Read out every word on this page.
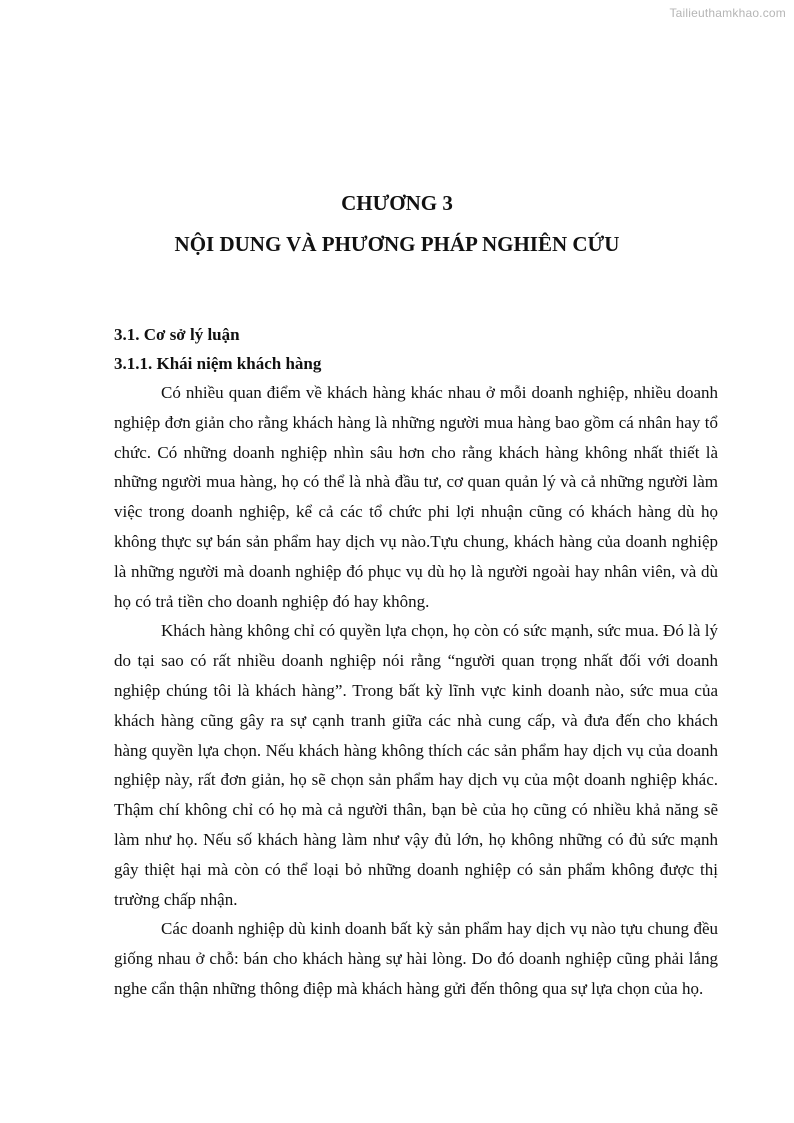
Tailieuthamkhao.com
CHƯƠNG 3
NỘI DUNG VÀ PHƯƠNG PHÁP NGHIÊN CỨU
3.1. Cơ sở lý luận
3.1.1. Khái niệm khách hàng

Có nhiều quan điểm về khách hàng khác nhau ở mỗi doanh nghiệp, nhiều doanh nghiệp đơn giản cho rằng khách hàng là những người mua hàng bao gồm cá nhân hay tổ chức. Có những doanh nghiệp nhìn sâu hơn cho rằng khách hàng không nhất thiết là những người mua hàng, họ có thể là nhà đầu tư, cơ quan quản lý và cả những người làm việc trong doanh nghiệp, kể cả các tổ chức phi lợi nhuận cũng có khách hàng dù họ không thực sự bán sản phẩm hay dịch vụ nào.Tựu chung, khách hàng của doanh nghiệp là những người mà doanh nghiệp đó phục vụ dù họ là người ngoài hay nhân viên, và dù họ có trả tiền cho doanh nghiệp đó hay không.

Khách hàng không chỉ có quyền lựa chọn, họ còn có sức mạnh, sức mua. Đó là lý do tại sao có rất nhiều doanh nghiệp nói rằng “người quan trọng nhất đối với doanh nghiệp chúng tôi là khách hàng”. Trong bất kỳ lĩnh vực kinh doanh nào, sức mua của khách hàng cũng gây ra sự cạnh tranh giữa các nhà cung cấp, và đưa đến cho khách hàng quyền lựa chọn. Nếu khách hàng không thích các sản phẩm hay dịch vụ của doanh nghiệp này, rất đơn giản, họ sẽ chọn sản phẩm hay dịch vụ của một doanh nghiệp khác. Thậm chí không chỉ có họ mà cả người thân, bạn bè của họ cũng có nhiều khả năng sẽ làm như họ. Nếu số khách hàng làm như vậy đủ lớn, họ không những có đủ sức mạnh gây thiệt hại mà còn có thể loại bỏ những doanh nghiệp có sản phẩm không được thị trường chấp nhận.

Các doanh nghiệp dù kinh doanh bất kỳ sản phẩm hay dịch vụ nào tựu chung đều giống nhau ở chỗ: bán cho khách hàng sự hài lòng. Do đó doanh nghiệp cũng phải lắng nghe cẩn thận những thông điệp mà khách hàng gửi đến thông qua sự lựa chọn của họ.
